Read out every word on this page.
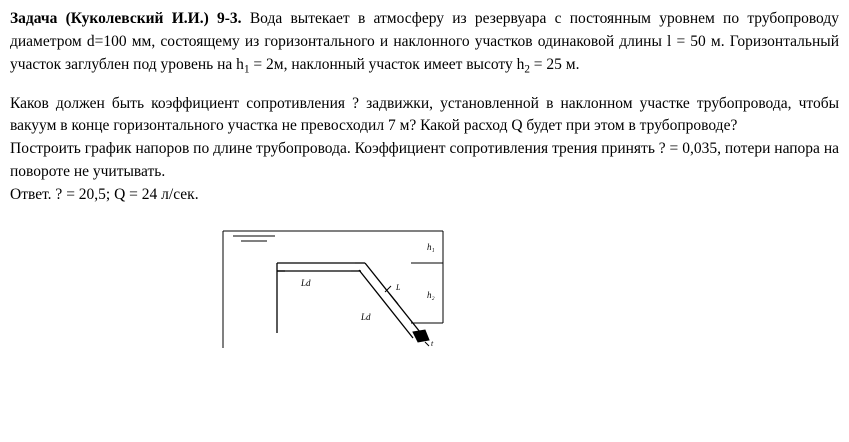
Задача (Куколевский И.И.) 9-3. Вода вытекает в атмосферу из резервуара с постоянным уровнем по трубопроводу диаметром d=100 мм, состоящему из горизонтального и наклонного участков одинаковой длины l = 50 м. Горизонтальный участок заглублен под уровень на $h_1 = 2м$, наклонный участок имеет высоту $h_2 = 25$ м.

Каков должен быть коэффициент сопротивления ? задвижки, установленной в наклонном участке трубопровода, чтобы вакуум в конце горизонтального участка не превосходил 7 м? Какой расход Q будет при этом в трубопроводе?

Построить график напоров по длине трубопровода. Коэффициент сопротивления трения принять ? = 0,035, потери напора на повороте не учитывать.

Ответ. ? = 20,5; Q = 24 л/сек.

Ld
Ld
L
h₁
h₂
t
